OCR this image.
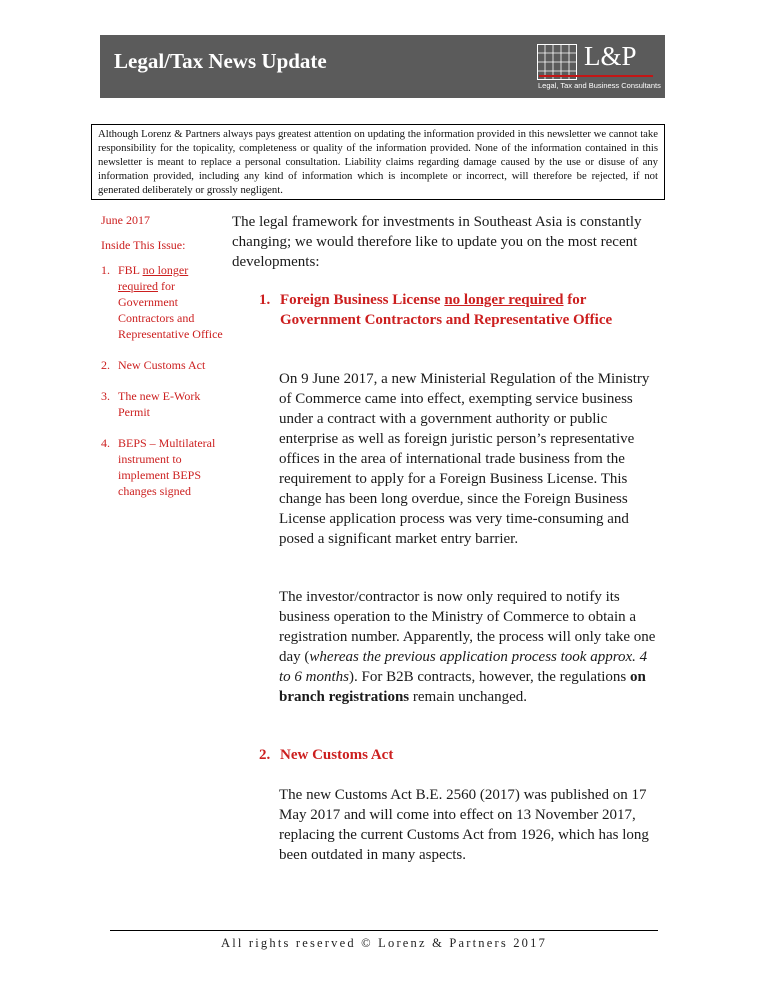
Legal/Tax News Update	L&P
Legal, Tax and Business Consultants
Although Lorenz & Partners always pays greatest attention on updating the information provided in this newsletter we cannot take responsibility for the topicality, completeness or quality of the information provided. None of the information contained in this newsletter is meant to replace a personal consultation. Liability claims regarding damage caused by the use or disuse of any information provided, including any kind of information which is incomplete or incorrect, will therefore be rejected, if not generated deliberately or grossly negligent.
June 2017
Inside This Issue:
1. FBL no longer required for Government Contractors and Representative Office
2. New Customs Act
3. The new E-Work Permit
4. BEPS – Multilateral instrument to implement BEPS changes signed
The legal framework for investments in Southeast Asia is constantly changing; we would therefore like to update you on the most recent developments:
1. Foreign Business License no longer required for Government Contractors and Representative Office
On 9 June 2017, a new Ministerial Regulation of the Ministry of Commerce came into effect, exempting service business under a contract with a government authority or public enterprise as well as foreign juristic person’s representative offices in the area of international trade business from the requirement to apply for a Foreign Business License. This change has been long overdue, since the Foreign Business License application process was very time-consuming and posed a significant market entry barrier.
The investor/contractor is now only required to notify its business operation to the Ministry of Commerce to obtain a registration number. Apparently, the process will only take one day (whereas the previous application process took approx. 4 to 6 months). For B2B contracts, however, the regulations on branch registrations remain unchanged.
2. New Customs Act
The new Customs Act B.E. 2560 (2017) was published on 17 May 2017 and will come into effect on 13 November 2017, replacing the current Customs Act from 1926, which has long been outdated in many aspects.
All rights reserved © Lorenz & Partners 2017
